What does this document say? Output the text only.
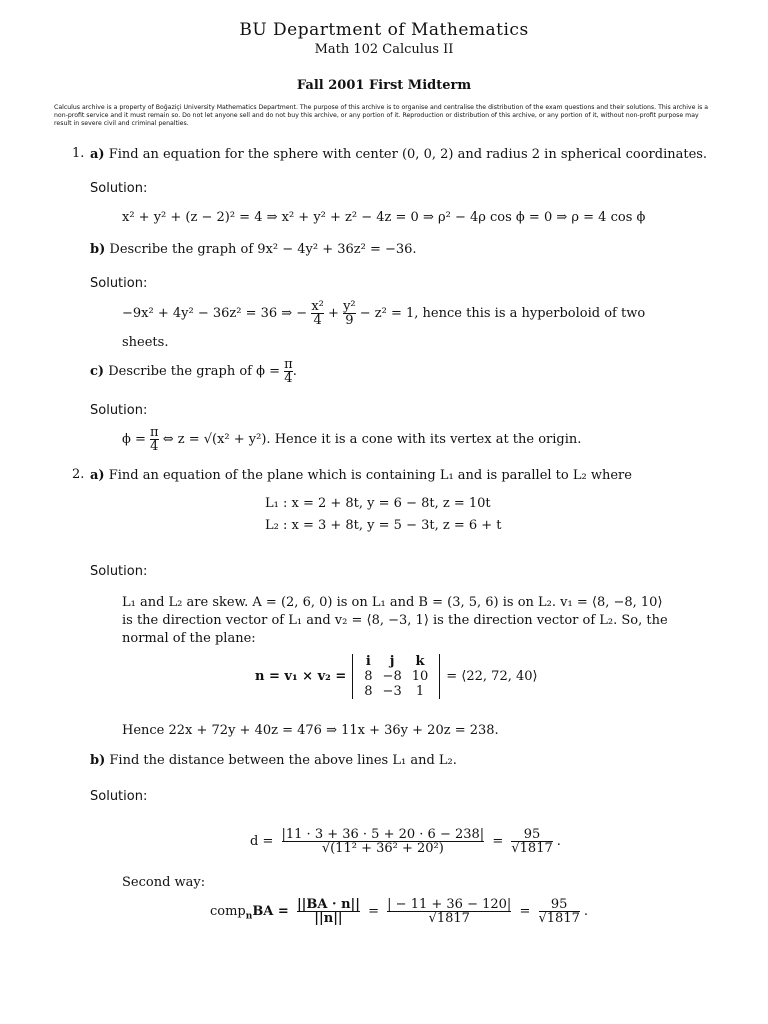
BU Department of Mathematics
Math 102 Calculus II
Fall 2001 First Midterm
Calculus archive is a property of Boğaziçi University Mathematics Department. The purpose of this archive is to organise and centralise the distribution of the exam questions and their solutions. This archive is a non-profit service and it must remain so. Do not let anyone sell and do not buy this archive, or any portion of it. Reproduction or distribution of this archive, or any portion of it, without non-profit purpose may result in severe civil and criminal penalties.
1. a) Find an equation for the sphere with center (0, 0, 2) and radius 2 in spherical coordinates.
Solution:
x² + y² + (z − 2)² = 4 ⇒ x² + y² + z² − 4z = 0 ⇒ ρ² − 4ρ cos ϕ = 0 ⇒ ρ = 4 cos ϕ
b) Describe the graph of 9x² − 4y² + 36z² = −36.
Solution:
−9x² + 4y² − 36z² = 36 ⇒ − $\frac{\text{x²}}{4} + \frac{\text{y²}}{9} - z^2 = 1$, hence this is a hyperboloid of two
sheets.
c) Describe the graph of $\phi = \frac{\pi}{4}$ .
Solution:
$\phi = \frac{\pi}{4}$ ⇔ z = √(x² + y²). Hence it is a cone with its vertex at the origin.
2. a) Find an equation of the plane which is containing L₁ and is parallel to L₂ where
L₁ : x = 2 + 8t, y = 6 − 8t, z = 10t
L₂ : x = 3 + 8t, y = 5 − 3t, z = 6 + t
Solution:
L₁ and L₂ are skew. A = (2, 6, 0) is on L₁ and B = (3, 5, 6) is on L₂. v₁ = ⟨8, −8, 10⟩
is the direction vector of L₁ and v₂ = ⟨8, −3, 1⟩ is the direction vector of L₂. So, the
normal of the plane:
n = v₁ × v₂ =
i	j	k
8	−8	10
8	−3	1
= ⟨22, 72, 40⟩
Hence 22x + 72y + 40z = 476 ⇒ 11x + 36y + 20z = 238.
b) Find the distance between the above lines L₁ and L₂.
Solution:
$d = \frac{|11 \cdot 3 + 36 \cdot 5 + 20 \cdot 6 - 238|}{\text{√(11² + 36² + 20²)}} = \frac{95}{√1817}$ .
Second way:
comp$_n$BA = $\frac{||BA \cdot n||}{||n||} = \frac{| - 11 + 36 - 120|}{√1817} = \frac{95}{√1817}$ .
